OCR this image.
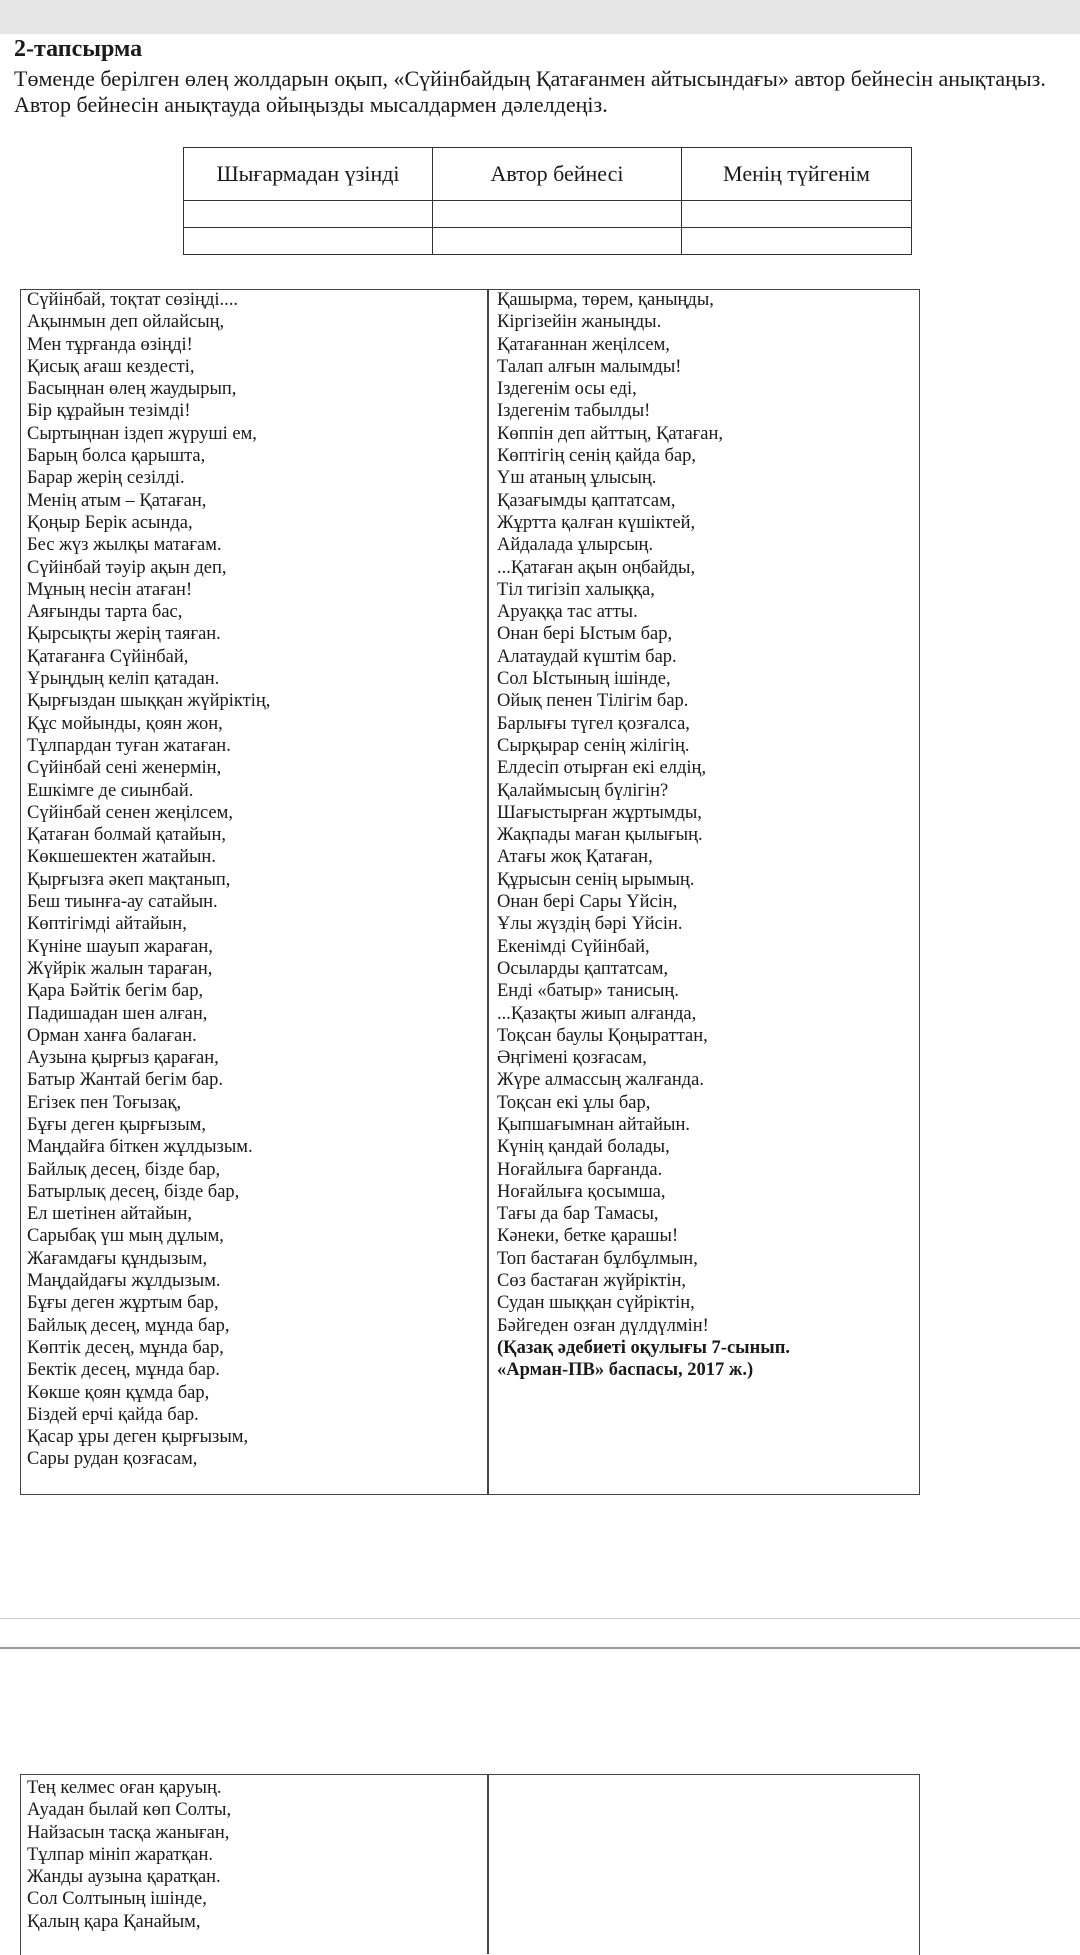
2-тапсырма
Төменде берілген өлең жолдарын оқып, «Сүйінбайдың Қатағанмен айтысындағы» автор бейнесін анықтаңыз. Автор бейнесін анықтауда ойыңызды мысалдармен дәлелдеңіз.
Шығармадан үзінді	Автор бейнесі	Менің түйгенім

Сүйінбай, тоқтат сөзіңді....
Ақынмын деп ойлайсың,
Мен тұрғанда өзіңді!
Қисық ағаш кездесті,
Басыңнан өлең жаудырып,
Бір құрайын тезімді!
Сыртыңнан іздеп жүруші ем,
Барың болса қарышта,
Барар жерің сезілді.
Менің атым – Қатаған,
Қоңыр Берік асында,
Бес жүз жылқы матағам.
Сүйінбай тәуір ақын деп,
Мұның несін атаған!
Аяғынды тарта бас,
Қырсықты жерің таяған.
Қатағанға Сүйінбай,
Ұрыңдың келіп қатадан.
Қырғыздан шыққан жүйріктің,
Құс мойынды, қоян жон,
Тұлпардан туған жатаған.
Сүйінбай сені женермін,
Ешкімге де сиынбай.
Сүйінбай сенен жеңілсем,
Қатаған болмай қатайын,
Көкшешектен жатайын.
Қырғызға әкеп мақтанып,
Беш тиынға-ау сатайын.
Көптігімді айтайын,
Күніне шауып жараған,
Жүйрік жалын тараған,
Қара Бәйтік бегім бар,
Падишадан шен алған,
Орман ханға балаған.
Аузына қырғыз қараған,
Батыр Жантай бегім бар.
Егізек пен Тоғызақ,
Бұғы деген қырғызым,
Маңдайға біткен жұлдызым.
Байлық десең, бізде бар,
Батырлық десең, бізде бар,
Ел шетінен айтайын,
Сарыбақ үш мың дұлым,
Жағамдағы құндызым,
Маңдайдағы жұлдызым.
Бұғы деген жұртым бар,
Байлық десең, мұнда бар,
Көптік десең, мұнда бар,
Бектік десең, мұнда бар.
Көкше қоян құмда бар,
Біздей ерчі қайда бар.
Қасар ұры деген қырғызым,
Сары рудан қозғасам,
Қашырма, төрем, қаныңды,
Кіргізейін жаныңды.
Қатағаннан жеңілсем,
Талап алғын малымды!
Іздегенім осы еді,
Іздегенім табылды!
Көппін деп айттың, Қатаған,
Көптігің сенің қайда бар,
Үш атаның ұлысың.
Қазағымды қаптатсам,
Жұртта қалған күшіктей,
Айдалада ұлырсың.
...Қатаған ақын оңбайды,
Тіл тигізіп халыққа,
Аруаққа тас атты.
Онан бері Ыстым бар,
Алатаудай күштім бар.
Сол Ыстының ішінде,
Ойық пенен Тілігім бар.
Барлығы түгел қозғалса,
Сырқырар сенің жілігің.
Елдесіп отырған екі елдің,
Қалаймысың бүлігін?
Шағыстырған жұртымды,
Жақпады маған қылығың.
Атағы жоқ Қатаған,
Құрысын сенің ырымың.
Онан бері Сары Үйсін,
Ұлы жүздің бәрі Үйсін.
Екенімді Сүйінбай,
Осыларды қаптатсам,
Енді «батыр» танисың.
...Қазақты жиып алғанда,
Тоқсан баулы Қоңыраттан,
Әңгімені қозғасам,
Жүре алмассың жалғанда.
Тоқсан екі ұлы бар,
Қыпшағымнан айтайын.
Күнің қандай болады,
Ноғайлыға барғанда.
Ноғайлыға қосымша,
Тағы да бар Тамасы,
Кәнеки, бетке қарашы!
Топ бастаған бұлбұлмын,
Сөз бастаған жүйріктін,
Судан шыққан сүйріктін,
Бәйгеден озған дүлдүлмін!
(Қазақ әдебиеті оқулығы 7-сынып.
«Арман-ПВ» баспасы, 2017 ж.)
Тең келмес оған қаруың.
Ауадан былай көп Солты,
Найзасын тасқа жаныған,
Тұлпар мініп жаратқан.
Жанды аузына қаратқан.
Сол Солтының ішінде,
Қалың қара Қанайым,
